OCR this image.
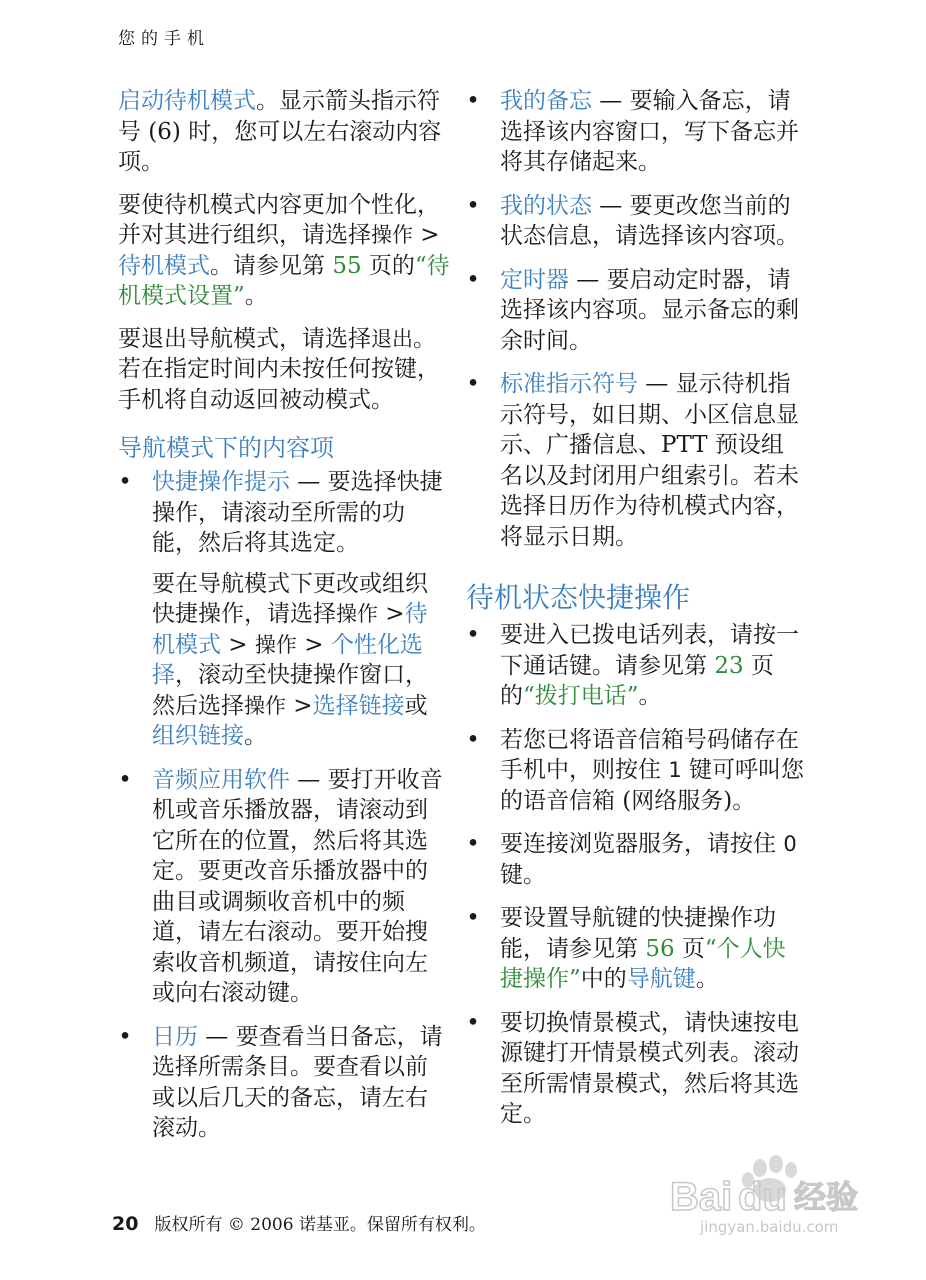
您的手机

启动待机模式。显示箭头指示符号 (6) 时，您可以左右滚动内容项。

要使待机模式内容更加个性化，并对其进行组织，请选择操作 >待机模式。请参见第 55 页的“待机模式设置”。

要退出导航模式，请选择退出。若在指定时间内未按任何按键，手机将自动返回被动模式。

导航模式下的内容项
• 快捷操作提示 — 要选择快捷操作，请滚动至所需的功能，然后将其选定。

要在导航模式下更改或组织快捷操作，请选择操作 >待机模式 > 操作 > 个性化选择，滚动至快捷操作窗口，然后选择操作 >选择链接或组织链接。

• 音频应用软件 — 要打开收音机或音乐播放器，请滚动到它所在的位置，然后将其选定。要更改音乐播放器中的曲目或调频收音机中的频道，请左右滚动。要开始搜索收音机频道，请按住向左或向右滚动键。
• 日历 — 要查看当日备忘，请选择所需条目。要查看以前或以后几天的备忘，请左右滚动。
• 我的备忘 — 要输入备忘，请选择该内容窗口，写下备忘并将其存储起来。
• 我的状态 — 要更改您当前的状态信息，请选择该内容项。
• 定时器 — 要启动定时器，请选择该内容项。显示备忘的剩余时间。
• 标准指示符号 — 显示待机指示符号，如日期、小区信息显示、广播信息、PTT 预设组名以及封闭用户组索引。若未选择日历作为待机模式内容，将显示日期。
待机状态快捷操作
• 要进入已拨电话列表，请按一下通话键。请参见第 23 页的“拨打电话”。
• 若您已将语音信箱号码储存在手机中，则按住 1 键可呼叫您的语音信箱 (网络服务)。
• 要连接浏览器服务，请按住 0 键。
• 要设置导航键的快捷操作功能，请参见第 56 页“个人快捷操作”中的导航键。
• 要切换情景模式，请快速按电源键打开情景模式列表。滚动至所需情景模式，然后将其选定。
20 版权所有 © 2006 诺基亚。保留所有权利。
Bai du 经验
jingyan.baidu.com
